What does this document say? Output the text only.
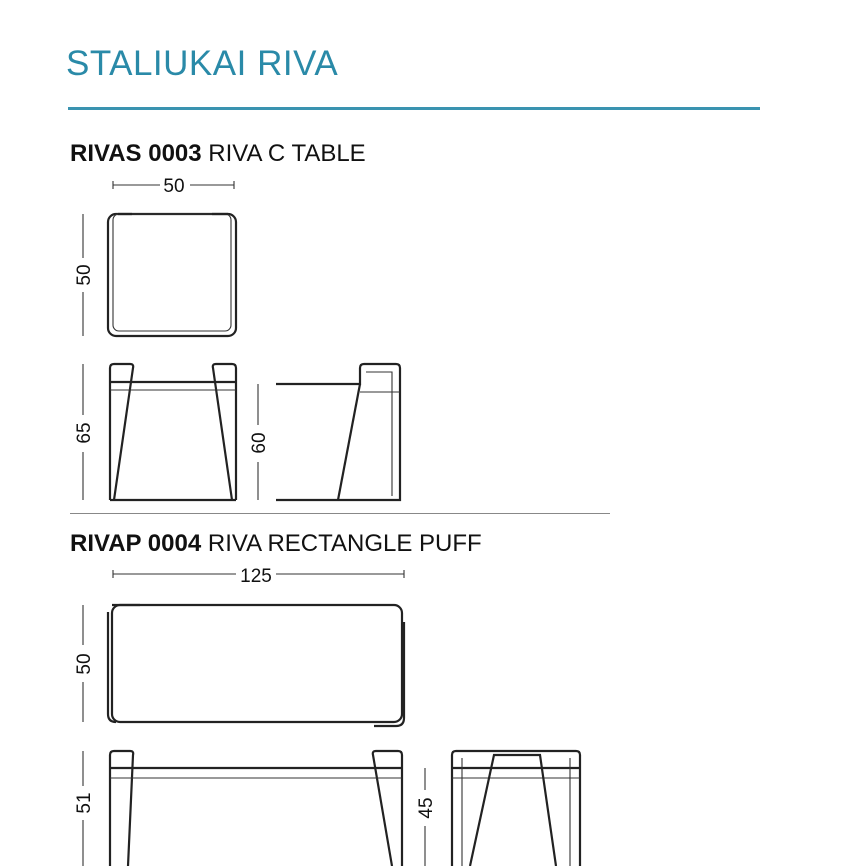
STALIUKAI RIVA
RIVAS 0003 RIVA C TABLE
RIVAP 0004 RIVA RECTANGLE PUFF
50
50
65	60
125
50
51	45
